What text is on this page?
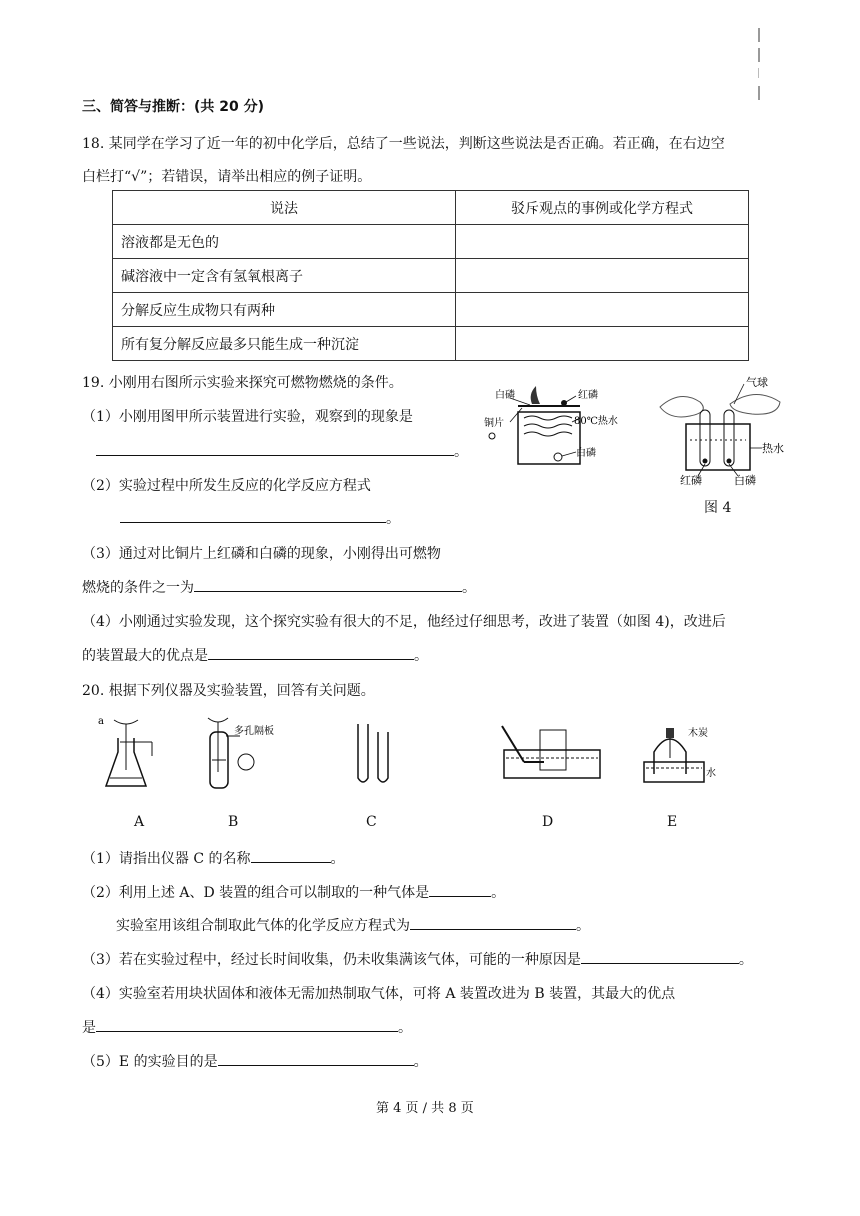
三、简答与推断：(共 20 分)
18. 某同学在学习了近一年的初中化学后，总结了一些说法，判断这些说法是否正确。若正确，在右边空
白栏打“√”；若错误，请举出相应的例子证明。
说法	驳斥观点的事例或化学方程式
溶液都是无色的	
碱溶液中一定含有氢氧根离子	
分解反应生成物只有两种	
所有复分解反应最多只能生成一种沉淀	
19. 小刚用右图所示实验来探究可燃物燃烧的条件。
（1）小刚用图甲所示装置进行实验，观察到的现象是
。
（2）实验过程中所发生反应的化学反应方程式
。
（3）通过对比铜片上红磷和白磷的现象，小刚得出可燃物
燃烧的条件之一为	。
（4）小刚通过实验发现，这个探究实验有很大的不足，他经过仔细思考，改进了装置（如图 4)，改进后
的装置最大的优点是	。
白磷	红磷
铜片	80℃热水
白磷
气球
热水
红磷	白磷
图 4
20. 根据下列仪器及实验装置，回答有关问题。
a
多孔隔板	木炭
水
A	B	C	D	E
（1）请指出仪器 C 的名称	。
（2）利用上述 A、D 装置的组合可以制取的一种气体是	。
实验室用该组合制取此气体的化学反应方程式为	。
（3）若在实验过程中，经过长时间收集，仍未收集满该气体，可能的一种原因是	。
（4）实验室若用块状固体和液体无需加热制取气体，可将 A 装置改进为 B 装置，其最大的优点
是	。
（5）E 的实验目的是	。
第 4 页 / 共 8 页
